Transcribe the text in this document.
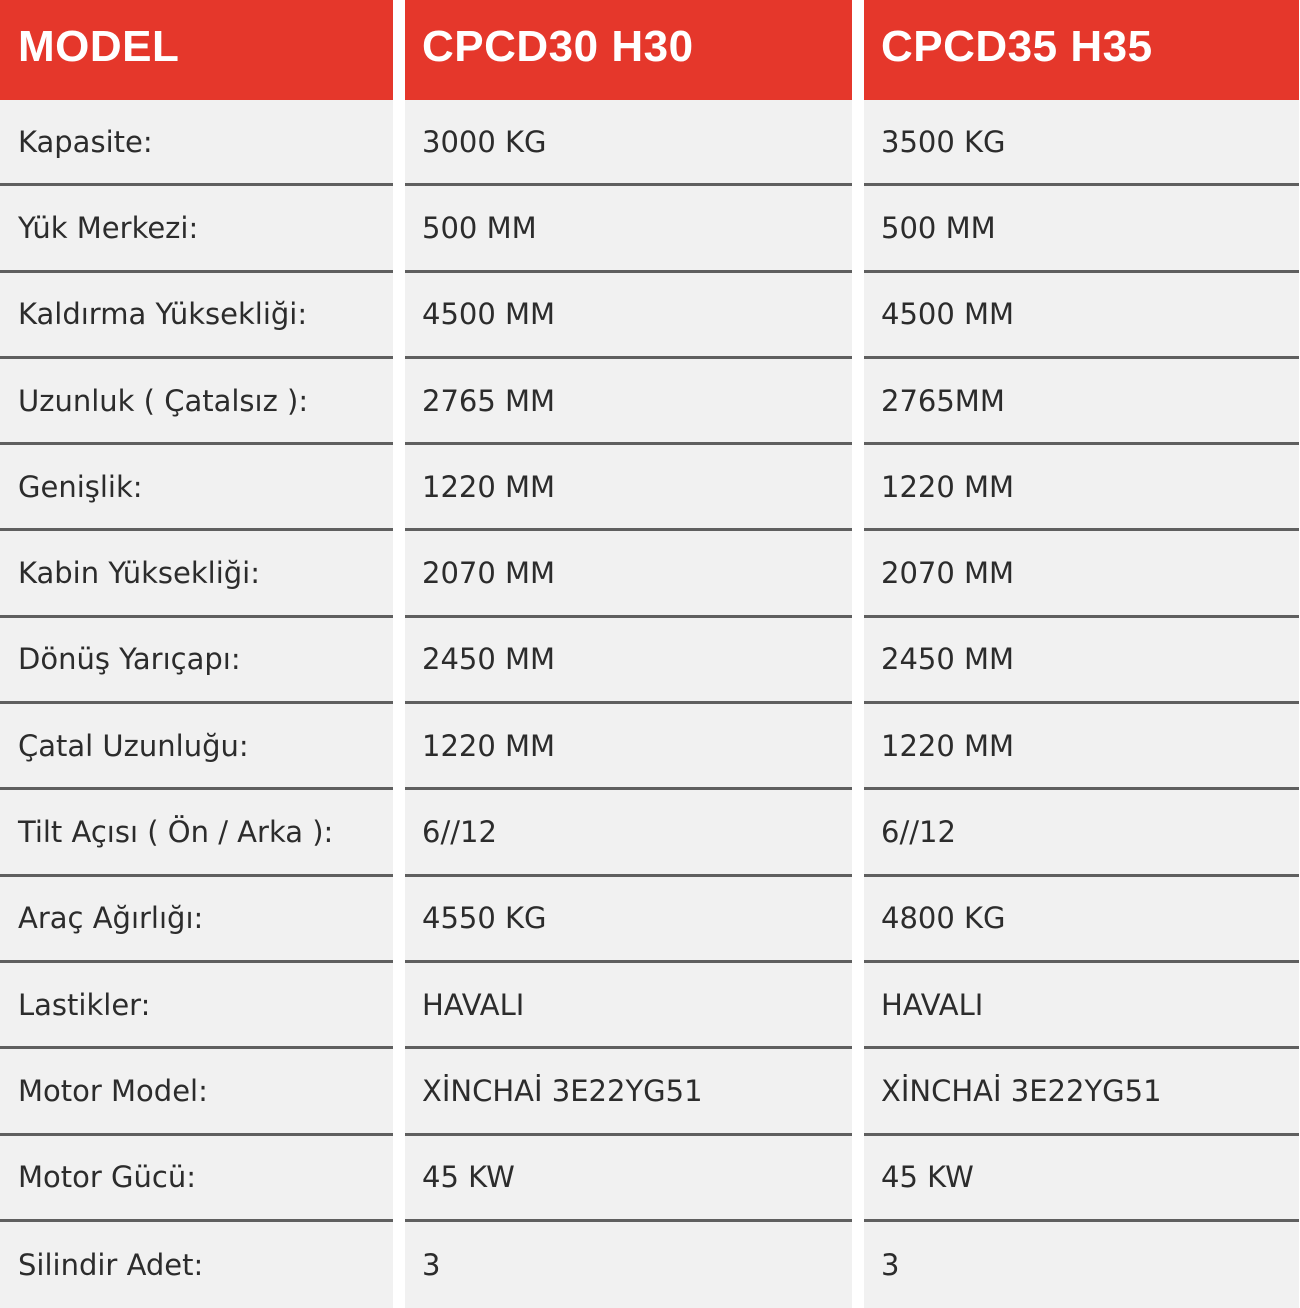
MODEL	CPCD30 H30	CPCD35 H35
Kapasite:	3000 KG	3500 KG
Yük Merkezi:	500 MM	500 MM
Kaldırma Yüksekliği:	4500 MM	4500 MM
Uzunluk ( Çatalsız ):	2765 MM	2765MM
Genişlik:	1220 MM	1220 MM
Kabin Yüksekliği:	2070 MM	2070 MM
Dönüş Yarıçapı:	2450 MM	2450 MM
Çatal Uzunluğu:	1220 MM	1220 MM
Tilt Açısı ( Ön / Arka ):	6//12	6//12
Araç Ağırlığı:	4550 KG	4800 KG
Lastikler:	HAVALI	HAVALI
Motor Model:	XİNCHAİ 3E22YG51	XİNCHAİ 3E22YG51
Motor Gücü:	45 KW	45 KW
Silindir Adet:	3	3
